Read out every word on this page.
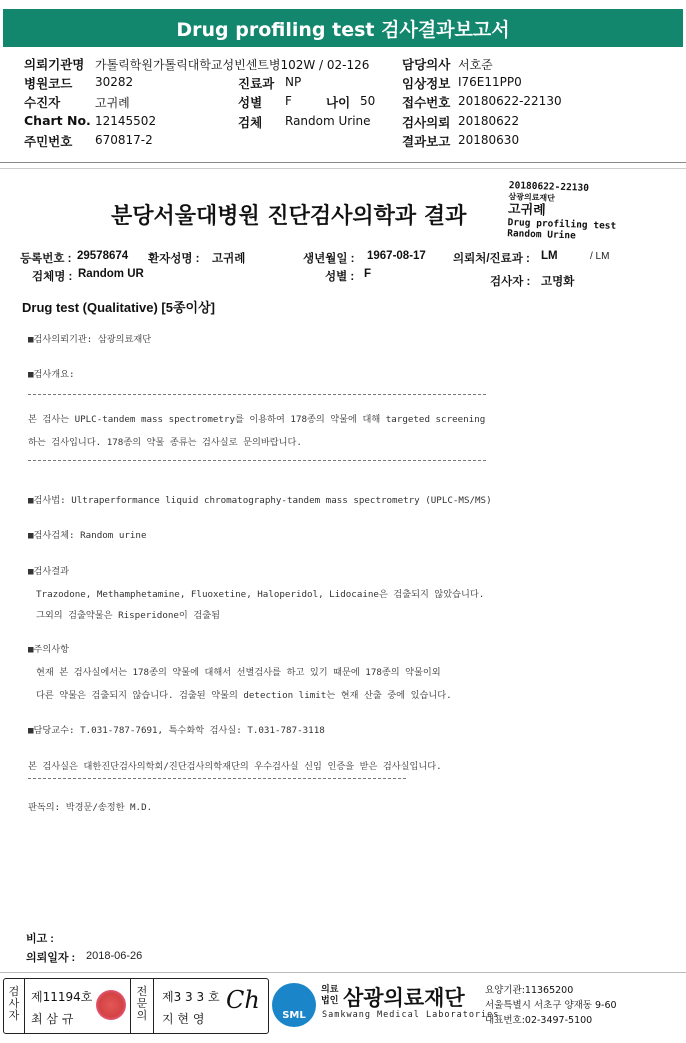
Drug profiling test 검사결과보고서
의뢰기관명 가톨릭학원가톨릭대학교성빈센트병102W / 02-126
병원코드 30282
수진자	고귀례
Chart No. 12145502
주민번호 670817-2
진료과 NP
성별 F	나이 50
검체 Random Urine
담당의사 서호준
임상정보 I76E11PP0
접수번호 20180622-22130
검사의뢰 20180622
결과보고 20180630
분당서울대병원 진단검사의학과 결과
20180622-22130
삼광의료재단
고귀례
Drug profiling test
Random Urine
등록번호 : 29578674 환자성명 : 고귀례	생년월일 : 1967-08-17 의뢰처/진료과 : LM	/ LM
검체명 : Random UR	성별 : F
검사자 : 고명화
Drug test (Qualitative) [5종이상]
■검사의뢰기관: 삼광의료재단
■검사개요:
본 검사는 UPLC-tandem mass spectrometry를 이용하여 178종의 약물에 대해 targeted screening
하는 검사입니다. 178종의 약물 종류는 검사실로 문의바랍니다.
■검사법: Ultraperformance liquid chromatography-tandem mass spectrometry (UPLC-MS/MS)
■검사검체: Random urine
■검사결과
Trazodone, Methamphetamine, Fluoxetine, Haloperidol, Lidocaine은 검출되지 않았습니다.
그외의 검출약물은 Risperidone이 검출됨
■주의사항
현재 본 검사실에서는 178종의 약물에 대해서 선별검사를 하고 있기 때문에 178종의 약물이외
다른 약물은 검출되지 않습니다. 검출된 약물의 detection limit는 현재 산출 중에 있습니다.
■담당교수: T.031-787-7691, 특수화학 검사실: T.031-787-3118
본 검사실은 대한진단검사의학회/진단검사의학재단의 우수검사실 신임 인증을 받은 검사실입니다.
판독의: 박경문/송정한 M.D.
비고 :
의뢰일자 : 2018-06-26
검
사
자
제11194호
최 삼 규
전
문
의
제3 3 3 호
지 현 영
Ch
SML
의료
법인 삼광의료재단
Samkwang Medical Laboratories
요양기관:11365200
서울특별시 서초구 양재동 9-60
대표번호:02-3497-5100
